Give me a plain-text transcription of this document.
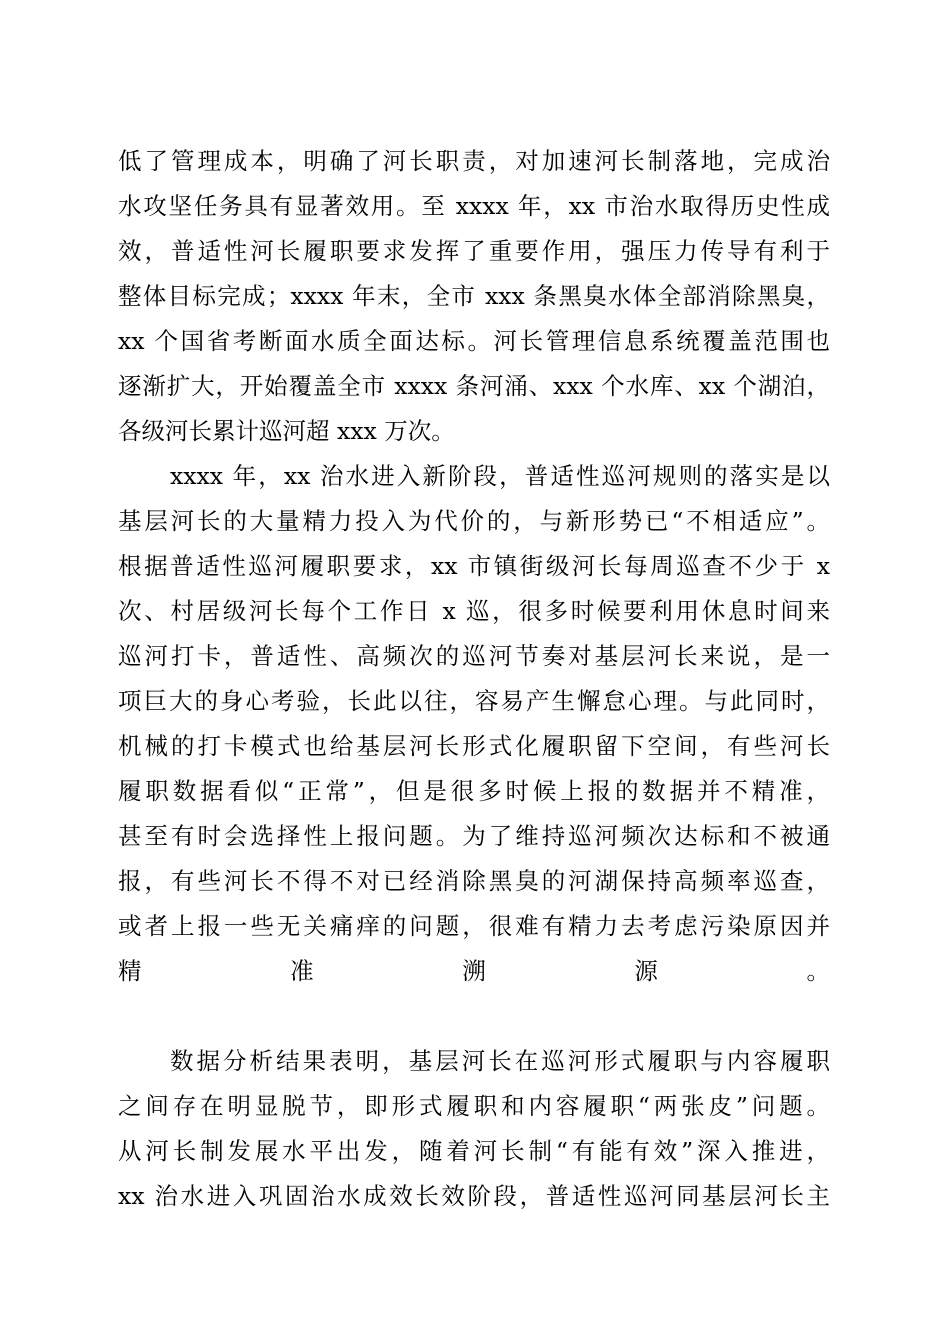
低了管理成本，明确了河长职责，对加速河长制落地，完成治
水攻坚任务具有显著效用。至 xxxx 年，xx 市治水取得历史性成
效，普适性河长履职要求发挥了重要作用，强压力传导有利于
整体目标完成；xxxx 年末，全市 xxx 条黑臭水体全部消除黑臭，
xx 个国省考断面水质全面达标。河长管理信息系统覆盖范围也
逐渐扩大，开始覆盖全市 xxxx 条河涌、xxx 个水库、xx 个湖泊，
各级河长累计巡河超 xxx 万次。
xxxx 年，xx 治水进入新阶段，普适性巡河规则的落实是以
基层河长的大量精力投入为代价的，与新形势已“不相适应”。
根据普适性巡河履职要求，xx 市镇街级河长每周巡查不少于 x
次、村居级河长每个工作日 x 巡，很多时候要利用休息时间来
巡河打卡，普适性、高频次的巡河节奏对基层河长来说，是一
项巨大的身心考验，长此以往，容易产生懈怠心理。与此同时，
机械的打卡模式也给基层河长形式化履职留下空间，有些河长
履职数据看似“正常”，但是很多时候上报的数据并不精准，
甚至有时会选择性上报问题。为了维持巡河频次达标和不被通
报，有些河长不得不对已经消除黑臭的河湖保持高频率巡查，
或者上报一些无关痛痒的问题，很难有精力去考虑污染原因并
精准溯源。
数据分析结果表明，基层河长在巡河形式履职与内容履职
之间存在明显脱节，即形式履职和内容履职“两张皮”问题。
从河长制发展水平出发，随着河长制“有能有效”深入推进，
xx 治水进入巩固治水成效长效阶段，普适性巡河同基层河长主
